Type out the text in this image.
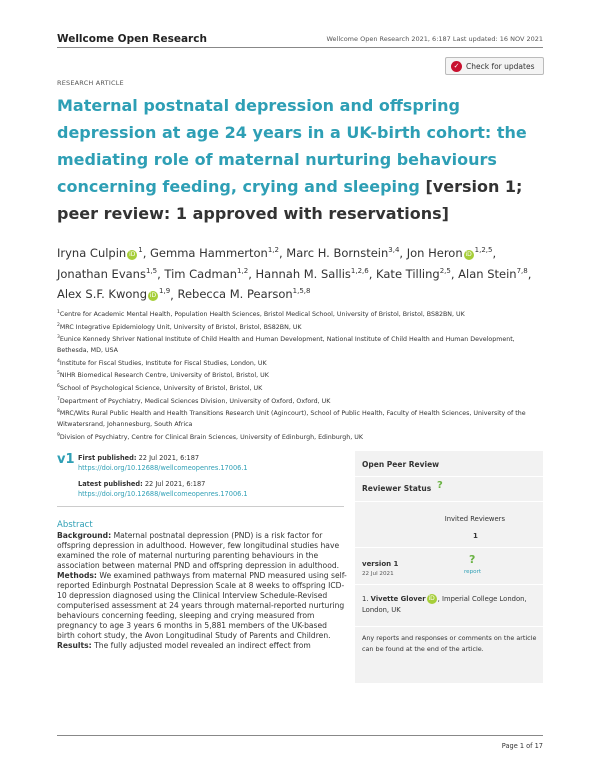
Wellcome Open Research	Wellcome Open Research 2021, 6:187 Last updated: 16 NOV 2021
RESEARCH ARTICLE
✓ Check for updates
Maternal postnatal depression and offspring depression at age 24 years in a UK-birth cohort: the mediating role of maternal nurturing behaviours concerning feeding, crying and sleeping [version 1; peer review: 1 approved with reservations]
Iryna Culpin $iD^1$, Gemma Hammerton$^{1,2}$, Marc H. Bornstein$^{3,4}$, Jon Heron iD$^{1,2,5}$, Jonathan Evans$^{1,5}$, Tim Cadman$^{1,2}$, Hannah M. Sallis$^{1,2,6}$, Kate Tilling$^{2,5}$, Alan Stein$^{7,8}$, Alex S.F. Kwong iD$^{1,9}$, Rebecca M. Pearson$^{1,5,8}$
$^1$Centre for Academic Mental Health, Population Health Sciences, Bristol Medical School, University of Bristol, Bristol, BS82BN, UK
$^2$MRC Integrative Epidemiology Unit, University of Bristol, Bristol, BS82BN, UK
$^3$Eunice Kennedy Shriver National Institute of Child Health and Human Development, National Institute of Child Health and Human Development, Bethesda, MD, USA
$^4$Institute for Fiscal Studies, Institute for Fiscal Studies, London, UK
$^5$NIHR Biomedical Research Centre, University of Bristol, Bristol, UK
$^6$School of Psychological Science, University of Bristol, Bristol, UK
$^7$Department of Psychiatry, Medical Sciences Division, University of Oxford, Oxford, UK
$^8$MRC/Wits Rural Public Health and Health Transitions Research Unit (Agincourt), School of Public Health, Faculty of Health Sciences, University of the Witwatersrand, Johannesburg, South Africa
$^9$Division of Psychiatry, Centre for Clinical Brain Sciences, University of Edinburgh, Edinburgh, UK
v1 First published: 22 Jul 2021, 6:187
https://doi.org/10.12688/wellcomeopenres.17006.1
Latest published: 22 Jul 2021, 6:187
https://doi.org/10.12688/wellcomeopenres.17006.1
Abstract
Background: Maternal postnatal depression (PND) is a risk factor for offspring depression in adulthood. However, few longitudinal studies have examined the role of maternal nurturing parenting behaviours in the association between maternal PND and offspring depression in adulthood.
Methods: We examined pathways from maternal PND measured using self-reported Edinburgh Postnatal Depression Scale at 8 weeks to offspring ICD-10 depression diagnosed using the Clinical Interview Schedule-Revised computerised assessment at 24 years through maternal-reported nurturing behaviours concerning feeding, sleeping and crying measured from pregnancy to age 3 years 6 months in 5,881 members of the UK-based birth cohort study, the Avon Longitudinal Study of Parents and Children.
Results: The fully adjusted model revealed an indirect effect from
Open Peer Review
Reviewer Status ?
Invited Reviewers
1
version 1
22 Jul 2021
?
report
1. Vivette Glover iD , Imperial College London, London, UK
Any reports and responses or comments on the article can be found at the end of the article.
Page 1 of 17
